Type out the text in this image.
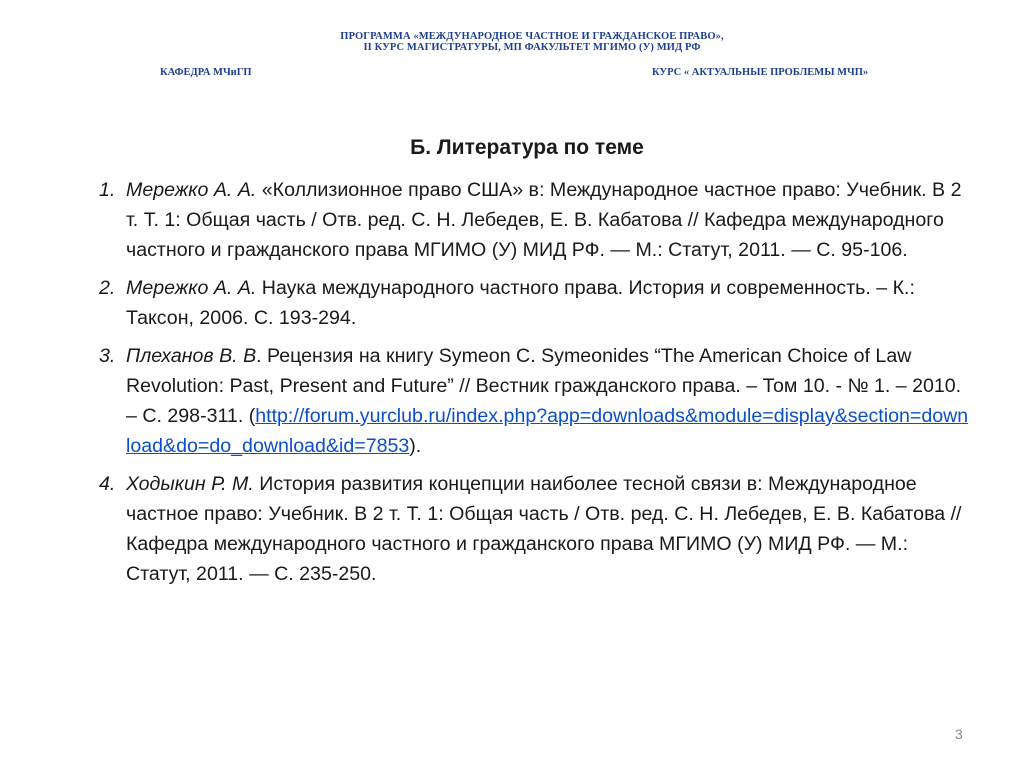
ПРОГРАММА «МЕЖДУНАРОДНОЕ ЧАСТНОЕ И ГРАЖДАНСКОЕ ПРАВО»,
II КУРС МАГИСТРАТУРЫ, МП ФАКУЛЬТЕТ МГИМО (У) МИД РФ
КАФЕДРА МЧиГП	КУРС « АКТУАЛЬНЫЕ ПРОБЛЕМЫ МЧП»
Б. Литература по теме
1. Мережко А. А. «Коллизионное право США» в: Международное частное право: Учебник. В 2 т. Т. 1: Общая часть / Отв. ред. С. Н. Лебедев, Е. В. Кабатова // Кафедра международного частного и гражданского права МГИМО (У) МИД РФ. — М.: Статут, 2011. — С. 95-106.
2. Мережко А. А. Наука международного частного права. История и современность. – К.: Таксон, 2006. С. 193-294.
3. Плеханов В. В. Рецензия на книгу Symeon C. Symeonides “The American Choice of Law Revolution: Past, Present and Future” // Вестник гражданского права. – Том 10. - № 1. – 2010. – С. 298-311. (http://forum.yurclub.ru/index.php?app=downloads&module=display&section=download&do=do_download&id=7853).
4. Ходыкин Р. М. История развития концепции наиболее тесной связи в: Международное частное право: Учебник. В 2 т. Т. 1: Общая часть / Отв. ред. С. Н. Лебедев, Е. В. Кабатова // Кафедра международного частного и гражданского права МГИМО (У) МИД РФ. — М.: Статут, 2011. — С. 235-250.
3
